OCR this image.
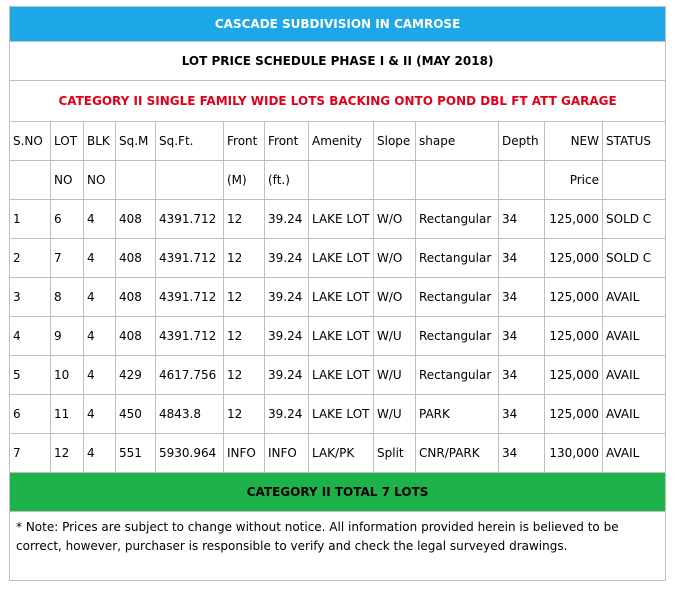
CASCADE SUBDIVISION IN CAMROSE												
LOT PRICE SCHEDULE PHASE I & II (MAY 2018)												
CATEGORY II SINGLE FAMILY WIDE LOTS BACKING ONTO POND DBL FT ATT GARAGE												
S.NO	LOT	BLK	Sq.M	Sq.Ft.	Front	Front	Amenity	Slope	shape	Depth	NEW	STATUS
	NO	NO			(M)	(ft.)					Price	
1	6	4	408	4391.712	12	39.24	LAKE LOT	W/O	Rectangular	34	125,000	SOLD C
2	7	4	408	4391.712	12	39.24	LAKE LOT	W/O	Rectangular	34	125,000	SOLD C
3	8	4	408	4391.712	12	39.24	LAKE LOT	W/O	Rectangular	34	125,000	AVAIL
4	9	4	408	4391.712	12	39.24	LAKE LOT	W/U	Rectangular	34	125,000	AVAIL
5	10	4	429	4617.756	12	39.24	LAKE LOT	W/U	Rectangular	34	125,000	AVAIL
6	11	4	450	4843.8	12	39.24	LAKE LOT	W/U	PARK	34	125,000	AVAIL
7	12	4	551	5930.964	INFO	INFO	LAK/PK	Split	CNR/PARK	34	130,000	AVAIL
CATEGORY II TOTAL 7 LOTS												
* Note: Prices are subject to change without notice. All information provided herein is believed to be correct, however, purchaser is responsible to verify and check the legal surveyed drawings.												
